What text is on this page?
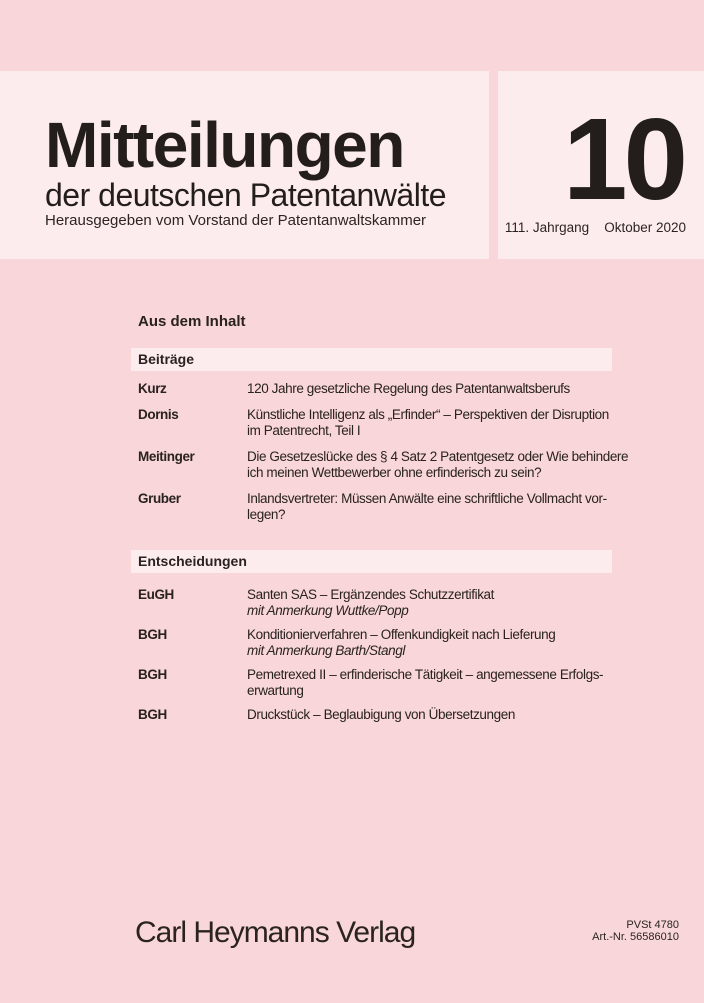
Mitteilungen
der deutschen Patentanwälte
Herausgegeben vom Vorstand der Patentanwaltskammer 10
111. Jahrgang Oktober 2020
Aus dem Inhalt
Beiträge
Kurz	120 Jahre gesetzliche Regelung des Patentanwaltsberufs
Dornis	Künstliche Intelligenz als „Erfinder“ – Perspektiven der Disruption
im Patentrecht, Teil I
Meitinger	Die Gesetzeslücke des § 4 Satz 2 Patentgesetz oder Wie behindere
ich meinen Wettbewerber ohne erfinderisch zu sein?
Gruber	Inlandsvertreter: Müssen Anwälte eine schriftliche Vollmacht vor-
legen?
Entscheidungen
EuGH	Santen SAS – Ergänzendes Schutzzertifikat
mit Anmerkung Wuttke/Popp
BGH	Konditionierverfahren – Offenkundigkeit nach Lieferung
mit Anmerkung Barth/Stangl
BGH	Pemetrexed II – erfinderische Tätigkeit – angemessene Erfolgs-
erwartung
BGH	Druckstück – Beglaubigung von Übersetzungen
Carl Heymanns Verlag	PVSt 4780
Art.-Nr. 56586010
